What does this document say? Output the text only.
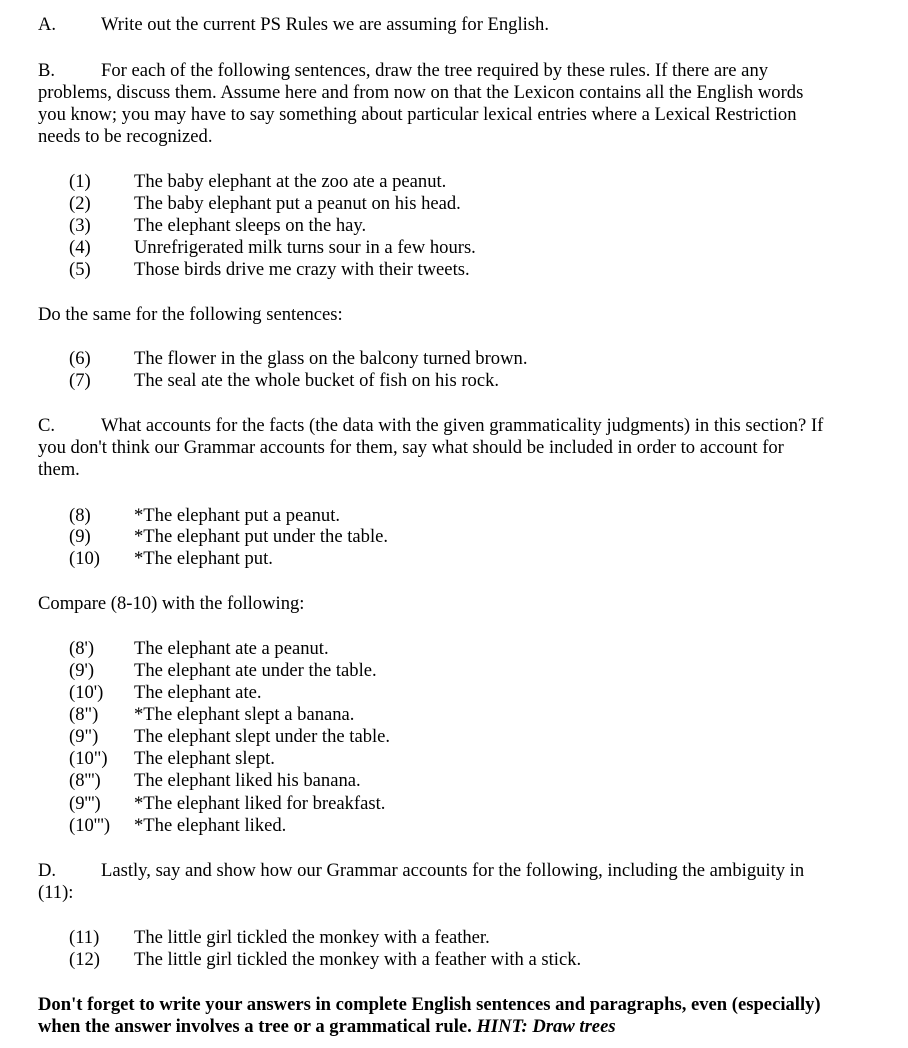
A. Write out the current PS Rules we are assuming for English.
B. For each of the following sentences, draw the tree required by these rules. If there are any
problems, discuss them. Assume here and from now on that the Lexicon contains all the English words
you know; you may have to say something about particular lexical entries where a Lexical Restriction
needs to be recognized.
(1) The baby elephant at the zoo ate a peanut.
(2) The baby elephant put a peanut on his head.
(3) The elephant sleeps on the hay.
(4) Unrefrigerated milk turns sour in a few hours.
(5) Those birds drive me crazy with their tweets.
Do the same for the following sentences:
(6) The flower in the glass on the balcony turned brown.
(7) The seal ate the whole bucket of fish on his rock.
C. What accounts for the facts (the data with the given grammaticality judgments) in this section? If
you don't think our Grammar accounts for them, say what should be included in order to account for
them.
(8) *The elephant put a peanut.
(9) *The elephant put under the table.
(10) *The elephant put.
Compare (8-10) with the following:
(8') The elephant ate a peanut.
(9') The elephant ate under the table.
(10') The elephant ate.
(8") *The elephant slept a banana.
(9") The elephant slept under the table.
(10") The elephant slept.
(8''') The elephant liked his banana.
(9''') *The elephant liked for breakfast.
(10''') *The elephant liked.
D. Lastly, say and show how our Grammar accounts for the following, including the ambiguity in
(11):
(11) The little girl tickled the monkey with a feather.
(12) The little girl tickled the monkey with a feather with a stick.
Don't forget to write your answers in complete English sentences and paragraphs, even (especially)
when the answer involves a tree or a grammatical rule. HINT: Draw trees
